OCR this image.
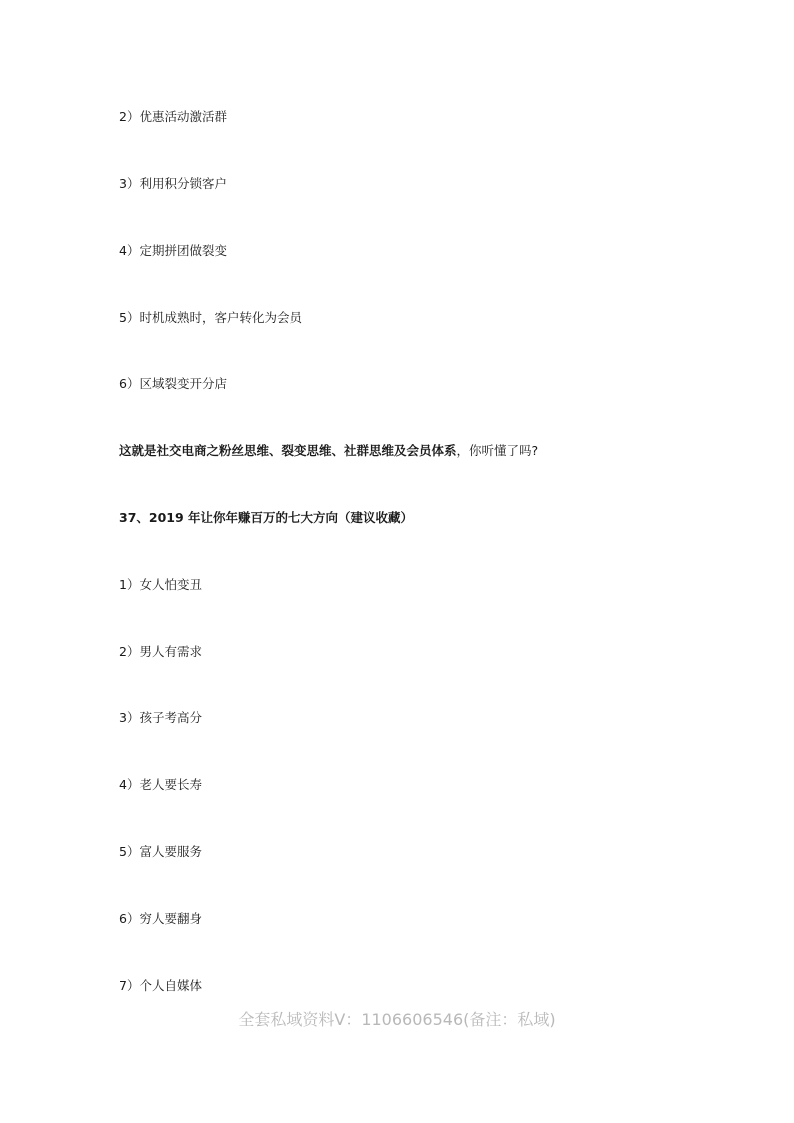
2）优惠活动激活群
3）利用积分锁客户
4）定期拼团做裂变
5）时机成熟时，客户转化为会员
6）区域裂变开分店
这就是社交电商之粉丝思维、裂变思维、社群思维及会员体系，你听懂了吗?
37、2019 年让你年赚百万的七大方向（建议收藏）
1）女人怕变丑
2）男人有需求
3）孩子考高分
4）老人要长寿
5）富人要服务
6）穷人要翻身
7）个人自媒体
全套私域资料V：1106606546(备注：私域)
